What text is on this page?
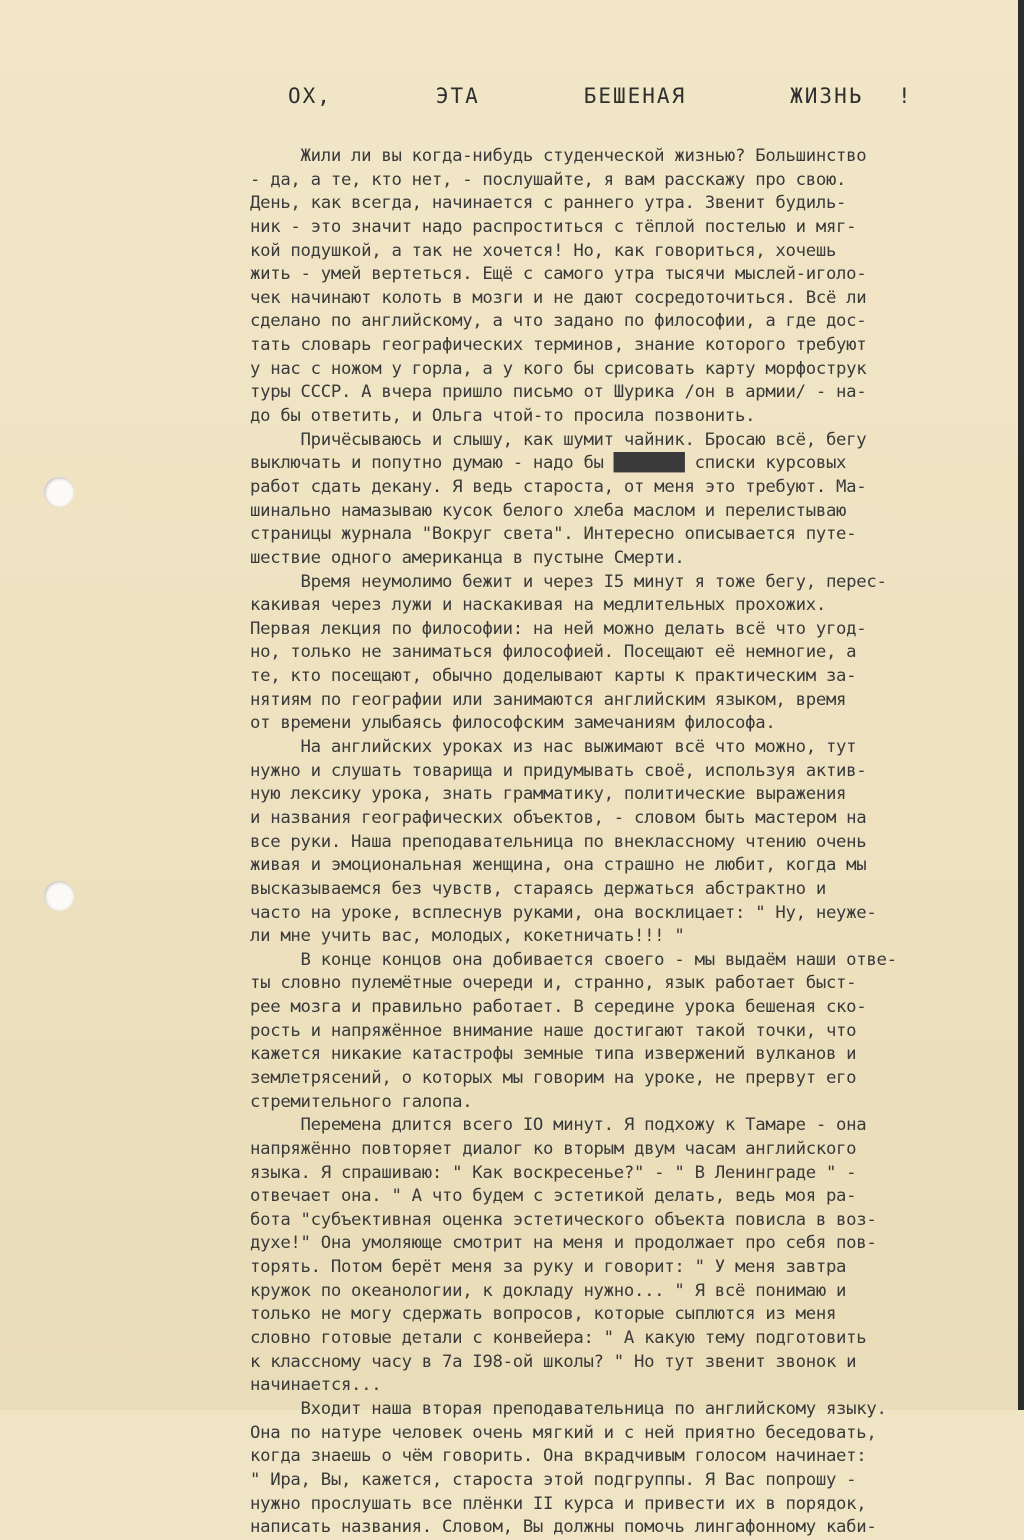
ОХ,   ЭТА   БЕШЕНАЯ   ЖИЗНЬ !
Жили ли вы когда-нибудь студенческой жизнью? Большинство
- да, а те, кто нет, - послушайте, я вам расскажу про свою.
День, как всегда, начинается с раннего утра. Звенит будиль-
ник - это значит надо распроститься с тёплой постелью и мяг-
кой подушкой, а так не хочется! Но, как говориться, хочешь
жить - умей вертеться. Ещё с самого утра тысячи мыслей-иголо-
чек начинают колоть в мозги и не дают сосредоточиться. Всё ли
сделано по английскому, а что задано по философии, а где дос-
тать словарь географических терминов, знание которого требуют
у нас с ножом у горла, а у кого бы срисовать карту морфострук
туры СССР. А вчера пришло письмо от Шурика /он в армии/ - на-
до бы ответить, и Ольга чтой-то просила позвонить.
Причёсываюсь и слышу, как шумит чайник. Бросаю всё, бегу
выключать и попутно думаю - надо бы ███████ списки курсовых
работ сдать декану. Я ведь староста, от меня это требуют. Ма-
шинально намазываю кусок белого хлеба маслом и перелистываю
страницы журнала "Вокруг света". Интересно описывается путе-
шествие одного американца в пустыне Смерти.
Время неумолимо бежит и через I5 минут я тоже бегу, перес-
какивая через лужи и наскакивая на медлительных прохожих.
Первая лекция по философии: на ней можно делать всё что угод-
но, только не заниматься философией. Посещают её немногие, а
те, кто посещают, обычно доделывают карты к практическим за-
нятиям по географии или занимаются английским языком, время
от времени улыбаясь философским замечаниям философа.
На английских уроках из нас выжимают всё что можно, тут
нужно и слушать товарища и придумывать своё, используя актив-
ную лексику урока, знать грамматику, политические выражения
и названия географических объектов, - словом быть мастером на
все руки. Наша преподавательница по внеклассному чтению очень
живая и эмоциональная женщина, она страшно не любит, когда мы
высказываемся без чувств, стараясь держаться абстрактно и
часто на уроке, всплеснув руками, она восклицает: " Ну, неуже-
ли мне учить вас, молодых, кокетничать!!! "
В конце концов она добивается своего - мы выдаём наши отве-
ты словно пулемётные очереди и, странно, язык работает быст-
рее мозга и правильно работает. В середине урока бешеная ско-
рость и напряжённое внимание наше достигают такой точки, что
кажется никакие катастрофы земные типа извержений вулканов и
землетрясений, о которых мы говорим на уроке, не прервут его
стремительного галопа.
Перемена длится всего IO минут. Я подхожу к Тамаре - она
напряжённо повторяет диалог ко вторым двум часам английского
языка. Я спрашиваю: " Как воскресенье?" - " В Ленинграде " -
отвечает она. " А что будем с эстетикой делать, ведь моя ра-
бота "субъективная оценка эстетического объекта повисла в воз-
духе!" Она умоляюще смотрит на меня и продолжает про себя пов-
торять. Потом берёт меня за руку и говорит: " У меня завтра
кружок по океанологии, к докладу нужно... " Я всё понимаю и
только не могу сдержать вопросов, которые сыплются из меня
словно готовые детали с конвейера: " А какую тему подготовить
к классному часу в 7а I98-ой школы? " Но тут звенит звонок и
начинается...
Входит наша вторая преподавательница по английскому языку.
Она по натуре человек очень мягкий и с ней приятно беседовать,
когда знаешь о чём говорить. Она вкрадчивым голосом начинает:
" Ира, Вы, кажется, староста этой подгруппы. Я Вас попрошу -
нужно прослушать все плёнки II курса и привести их в порядок,
написать названия. Словом, Вы должны помочь лингафонному каби-
